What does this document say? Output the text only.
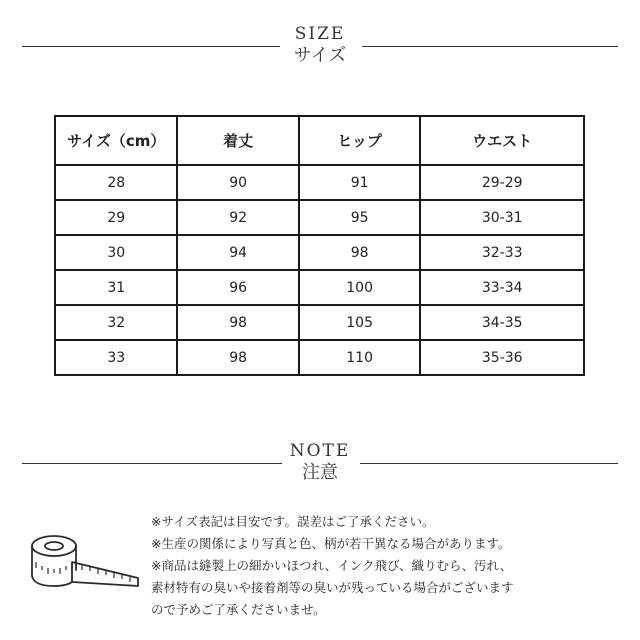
SIZE
サイズ
サイズ（cm）	着丈	ヒップ	ウエスト
28	90	91	29-29
29	92	95	30-31
30	94	98	32-33
31	96	100	33-34
32	98	105	34-35
33	98	110	35-36
NOTE
注意
※サイズ表記は目安です。誤差はご了承ください。
※生産の関係により写真と色、柄が若干異なる場合があります。
※商品は縫製上の細かいほつれ、インク飛び、織りむら、汚れ、
素材特有の臭いや接着剤等の臭いが残っている場合がございます
ので予めご了承くださいませ。
